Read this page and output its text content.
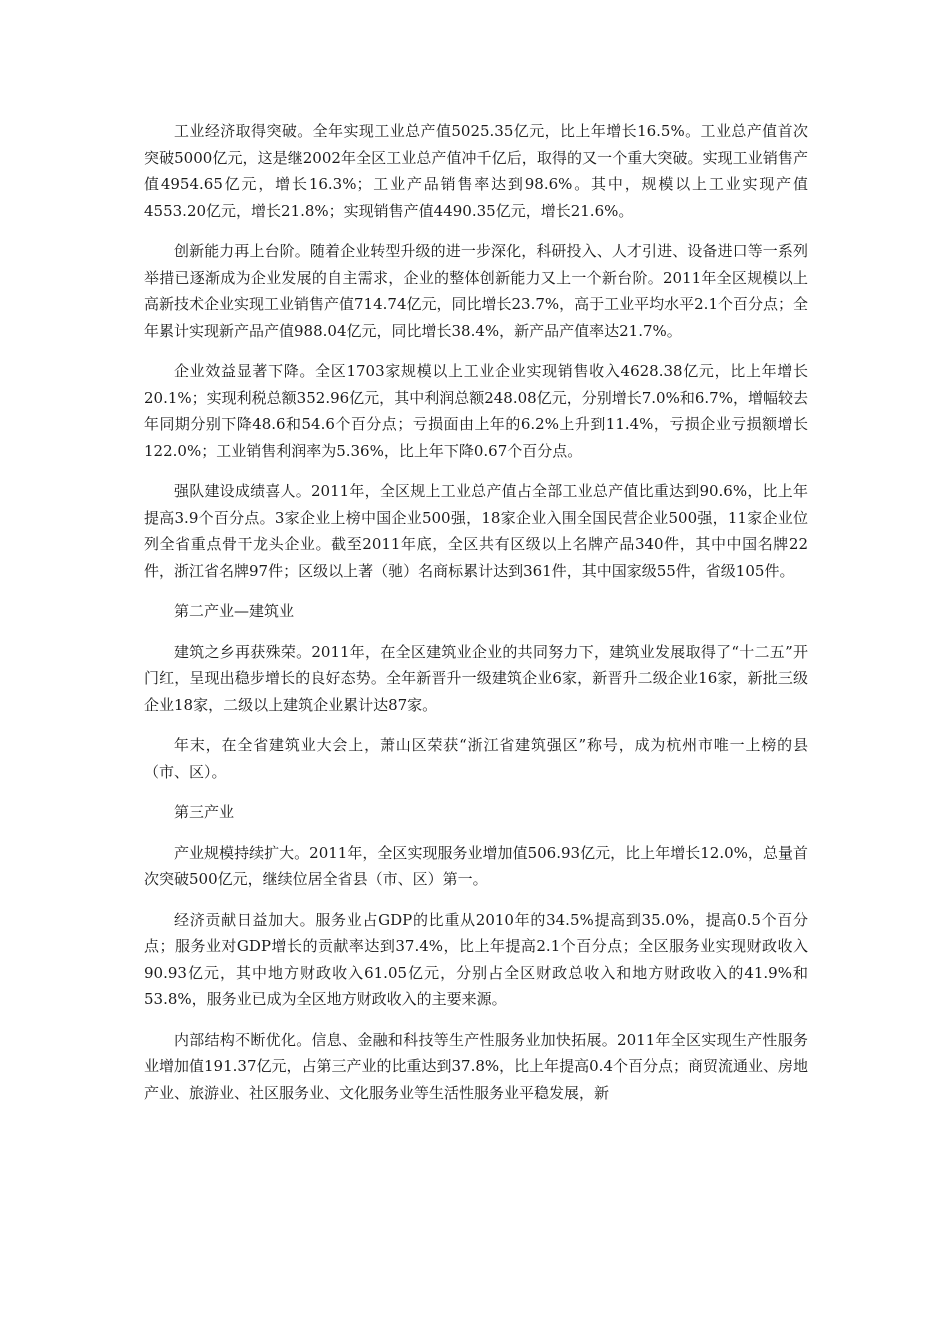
工业经济取得突破。全年实现工业总产值5025.35亿元，比上年增长16.5%。工业总产值首次突破5000亿元，这是继2002年全区工业总产值冲千亿后，取得的又一个重大突破。实现工业销售产值4954.65亿元，增长16.3%；工业产品销售率达到98.6%。其中，规模以上工业实现产值4553.20亿元，增长21.8%；实现销售产值4490.35亿元，增长21.6%。

创新能力再上台阶。随着企业转型升级的进一步深化，科研投入、人才引进、设备进口等一系列举措已逐渐成为企业发展的自主需求，企业的整体创新能力又上一个新台阶。2011年全区规模以上高新技术企业实现工业销售产值714.74亿元，同比增长23.7%，高于工业平均水平2.1个百分点；全年累计实现新产品产值988.04亿元，同比增长38.4%，新产品产值率达21.7%。

企业效益显著下降。全区1703家规模以上工业企业实现销售收入4628.38亿元，比上年增长20.1%；实现利税总额352.96亿元，其中利润总额248.08亿元，分别增长7.0%和6.7%，增幅较去年同期分别下降48.6和54.6个百分点；亏损面由上年的6.2%上升到11.4%，亏损企业亏损额增长122.0%；工业销售利润率为5.36%，比上年下降0.67个百分点。

强队建设成绩喜人。2011年，全区规上工业总产值占全部工业总产值比重达到90.6%，比上年提高3.9个百分点。3家企业上榜中国企业500强，18家企业入围全国民营企业500强，11家企业位列全省重点骨干龙头企业。截至2011年底，全区共有区级以上名牌产品340件，其中中国名牌22件，浙江省名牌97件；区级以上著（驰）名商标累计达到361件，其中国家级55件，省级105件。

第二产业—建筑业

建筑之乡再获殊荣。2011年，在全区建筑业企业的共同努力下，建筑业发展取得了“十二五”开门红，呈现出稳步增长的良好态势。全年新晋升一级建筑企业6家，新晋升二级企业16家，新批三级企业18家，二级以上建筑企业累计达87家。

年末，在全省建筑业大会上，萧山区荣获“浙江省建筑强区”称号，成为杭州市唯一上榜的县（市、区）。

第三产业

产业规模持续扩大。2011年，全区实现服务业增加值506.93亿元，比上年增长12.0%，总量首次突破500亿元，继续位居全省县（市、区）第一。

经济贡献日益加大。服务业占GDP的比重从2010年的34.5%提高到35.0%，提高0.5个百分点；服务业对GDP增长的贡献率达到37.4%，比上年提高2.1个百分点；全区服务业实现财政收入90.93亿元，其中地方财政收入61.05亿元，分别占全区财政总收入和地方财政收入的41.9%和53.8%，服务业已成为全区地方财政收入的主要来源。

内部结构不断优化。信息、金融和科技等生产性服务业加快拓展。2011年全区实现生产性服务业增加值191.37亿元，占第三产业的比重达到37.8%，比上年提高0.4个百分点；商贸流通业、房地产业、旅游业、社区服务业、文化服务业等生活性服务业平稳发展，新
